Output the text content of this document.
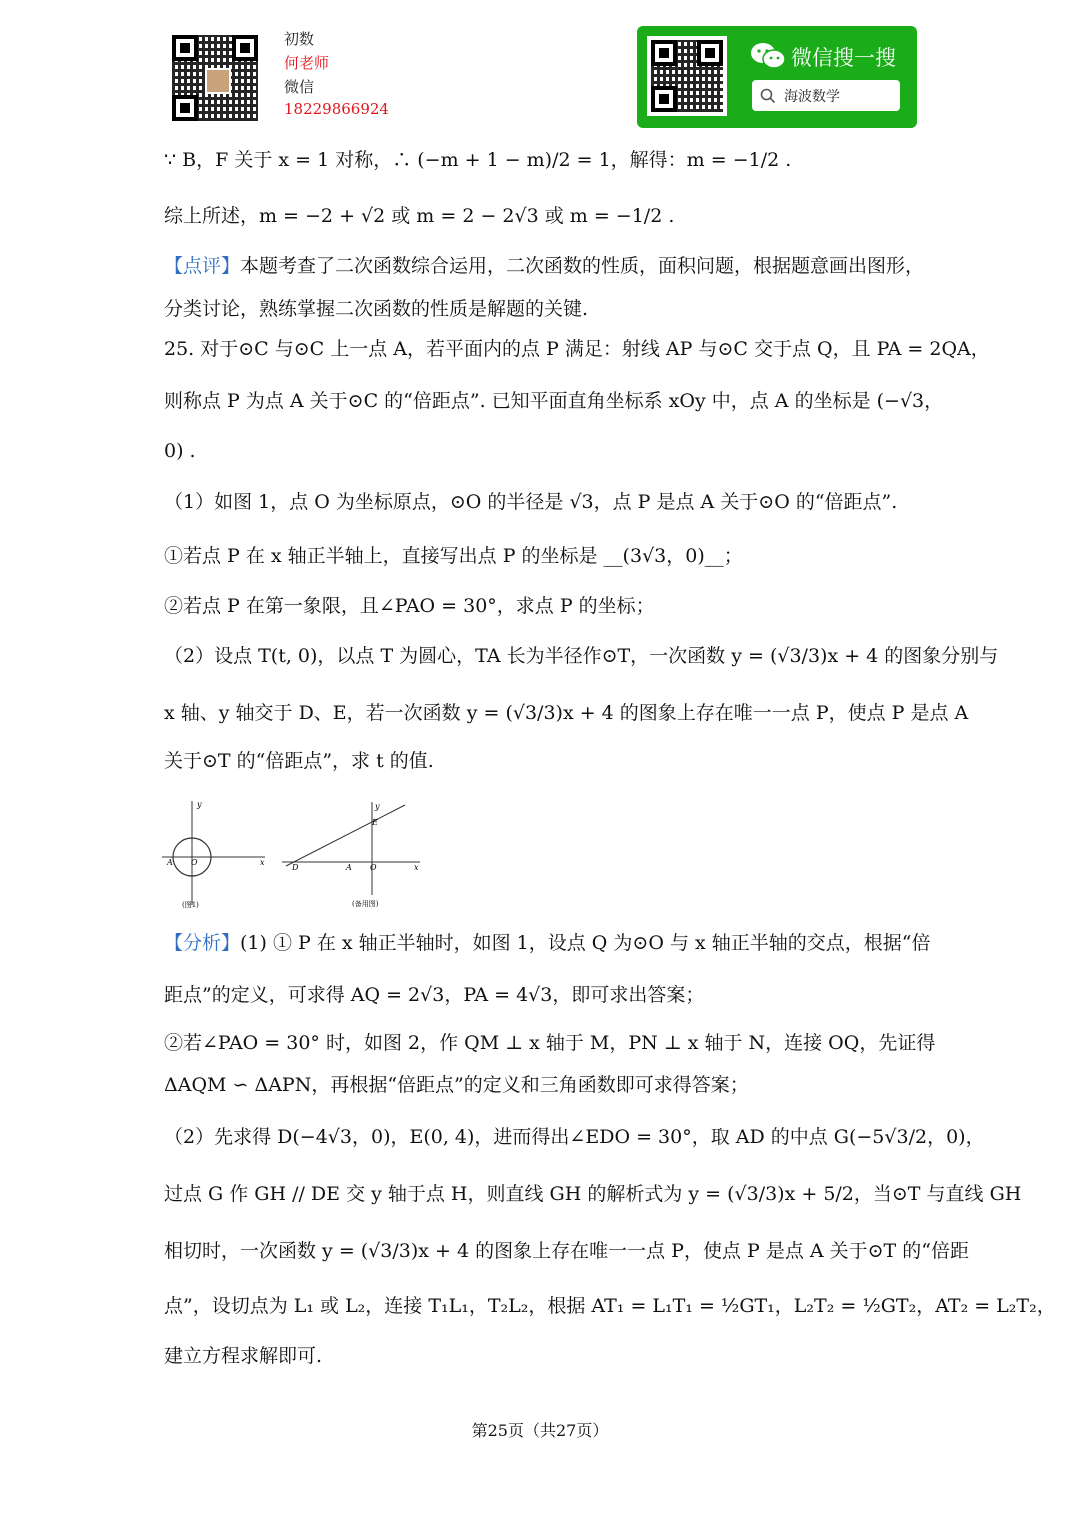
初数
何老师
微信
18229866924
微信搜一搜
海波数学
∵ B，F 关于 x = 1 对称，∴ (−m + 1 − m)/2 = 1，解得：m = −1/2 .
综上所述，m = −2 + √2 或 m = 2 − 2√3 或 m = −1/2 .
【点评】本题考查了二次函数综合运用，二次函数的性质，面积问题，根据题意画出图形，
分类讨论，熟练掌握二次函数的性质是解题的关键.
25. 对于⊙C 与⊙C 上一点 A，若平面内的点 P 满足：射线 AP 与⊙C 交于点 Q，且 PA = 2QA，
则称点 P 为点 A 关于⊙C 的“倍距点”. 已知平面直角坐标系 xOy 中，点 A 的坐标是 (−√3，
0) .
（1）如图 1，点 O 为坐标原点，⊙O 的半径是 √3，点 P 是点 A 关于⊙O 的“倍距点”.
①若点 P 在 x 轴正半轴上，直接写出点 P 的坐标是 __(3√3，0)__；
②若点 P 在第一象限，且∠PAO = 30°，求点 P 的坐标；
（2）设点 T(t, 0)，以点 T 为圆心，TA 长为半径作⊙T，一次函数 y = (√3/3)x + 4 的图象分别与
x 轴、y 轴交于 D、E，若一次函数 y = (√3/3)x + 4 的图象上存在唯一一点 P，使点 P 是点 A
关于⊙T 的“倍距点”，求 t 的值.
y
x
A O
(图1)
y
E
D	A O	x
(备用图)
【分析】(1) ① P 在 x 轴正半轴时，如图 1，设点 Q 为⊙O 与 x 轴正半轴的交点，根据“倍
距点”的定义，可求得 AQ = 2√3，PA = 4√3，即可求出答案；
②若∠PAO = 30° 时，如图 2，作 QM ⊥ x 轴于 M，PN ⊥ x 轴于 N，连接 OQ，先证得
ΔAQM ∽ ΔAPN，再根据“倍距点”的定义和三角函数即可求得答案；
（2）先求得 D(−4√3，0)，E(0, 4)，进而得出∠EDO = 30°，取 AD 的中点 G(−5√3/2，0)，
过点 G 作 GH // DE 交 y 轴于点 H，则直线 GH 的解析式为 y = (√3/3)x + 5/2，当⊙T 与直线 GH
相切时，一次函数 y = (√3/3)x + 4 的图象上存在唯一一点 P，使点 P 是点 A 关于⊙T 的“倍距
点”，设切点为 L₁ 或 L₂，连接 T₁L₁，T₂L₂，根据 AT₁ = L₁T₁ = ½GT₁，L₂T₂ = ½GT₂，AT₂ = L₂T₂，
建立方程求解即可.
第25页（共27页）
